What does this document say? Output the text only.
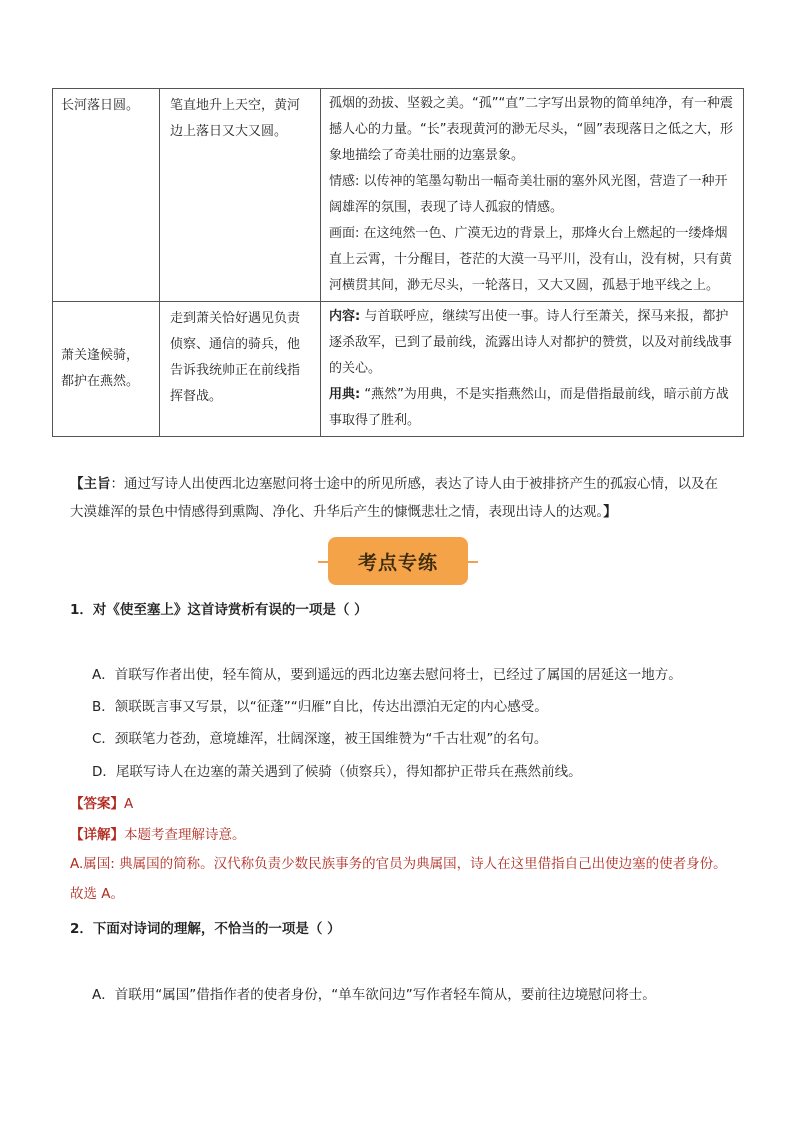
长河落日圆。	笔直地升上天空，黄河边上落日又大又圆。	孤烟的劲拔、坚毅之美。“孤”“直”二字写出景物的简单纯净，有一种震撼人心的力量。“长”表现黄河的渺无尽头，“圆”表现落日之低之大，形象地描绘了奇美壮丽的边塞景象。

情感: 以传神的笔墨勾勒出一幅奇美壮丽的塞外风光图，营造了一种开阔雄浑的氛围，表现了诗人孤寂的情感。

画面: 在这纯然一色、广漠无边的背景上，那烽火台上燃起的一缕烽烟直上云霄，十分醒目，苍茫的大漠一马平川，没有山，没有树，只有黄河横贯其间，渺无尽头，一轮落日，又大又圆，孤悬于地平线之上。

萧关逢候骑，都护在燕然。	走到萧关恰好遇见负责侦察、通信的骑兵，他告诉我统帅正在前线指挥督战。	内容: 与首联呼应，继续写出使一事。诗人行至萧关，探马来报，都护逐杀敌军，已到了最前线，流露出诗人对都护的赞赏，以及对前线战事的关心。

用典: “燕然”为用典，不是实指燕然山，而是借指最前线，暗示前方战事取得了胜利。

【主旨：通过写诗人出使西北边塞慰问将士途中的所见所感，表达了诗人由于被排挤产生的孤寂心情，以及在大漠雄浑的景色中情感得到熏陶、净化、升华后产生的慷慨悲壮之情，表现出诗人的达观。】
考点专练
1．对《使至塞上》这首诗赏析有误的一项是（ ）
A．首联写作者出使，轻车简从，要到遥远的西北边塞去慰问将士，已经过了属国的居延这一地方。
B．颔联既言事又写景，以“征蓬”“归雁”自比，传达出漂泊无定的内心感受。
C．颈联笔力苍劲，意境雄浑，壮阔深邃，被王国维赞为“千古壮观”的名句。
D．尾联写诗人在边塞的萧关遇到了候骑（侦察兵），得知都护正带兵在燕然前线。
【答案】A
【详解】本题考查理解诗意。
A.属国: 典属国的简称。汉代称负责少数民族事务的官员为典属国，诗人在这里借指自己出使边塞的使者身份。故选 A。
2．下面对诗词的理解，不恰当的一项是（ ）
A．首联用“属国”借指作者的使者身份，“单车欲问边”写作者轻车简从，要前往边境慰问将士。
